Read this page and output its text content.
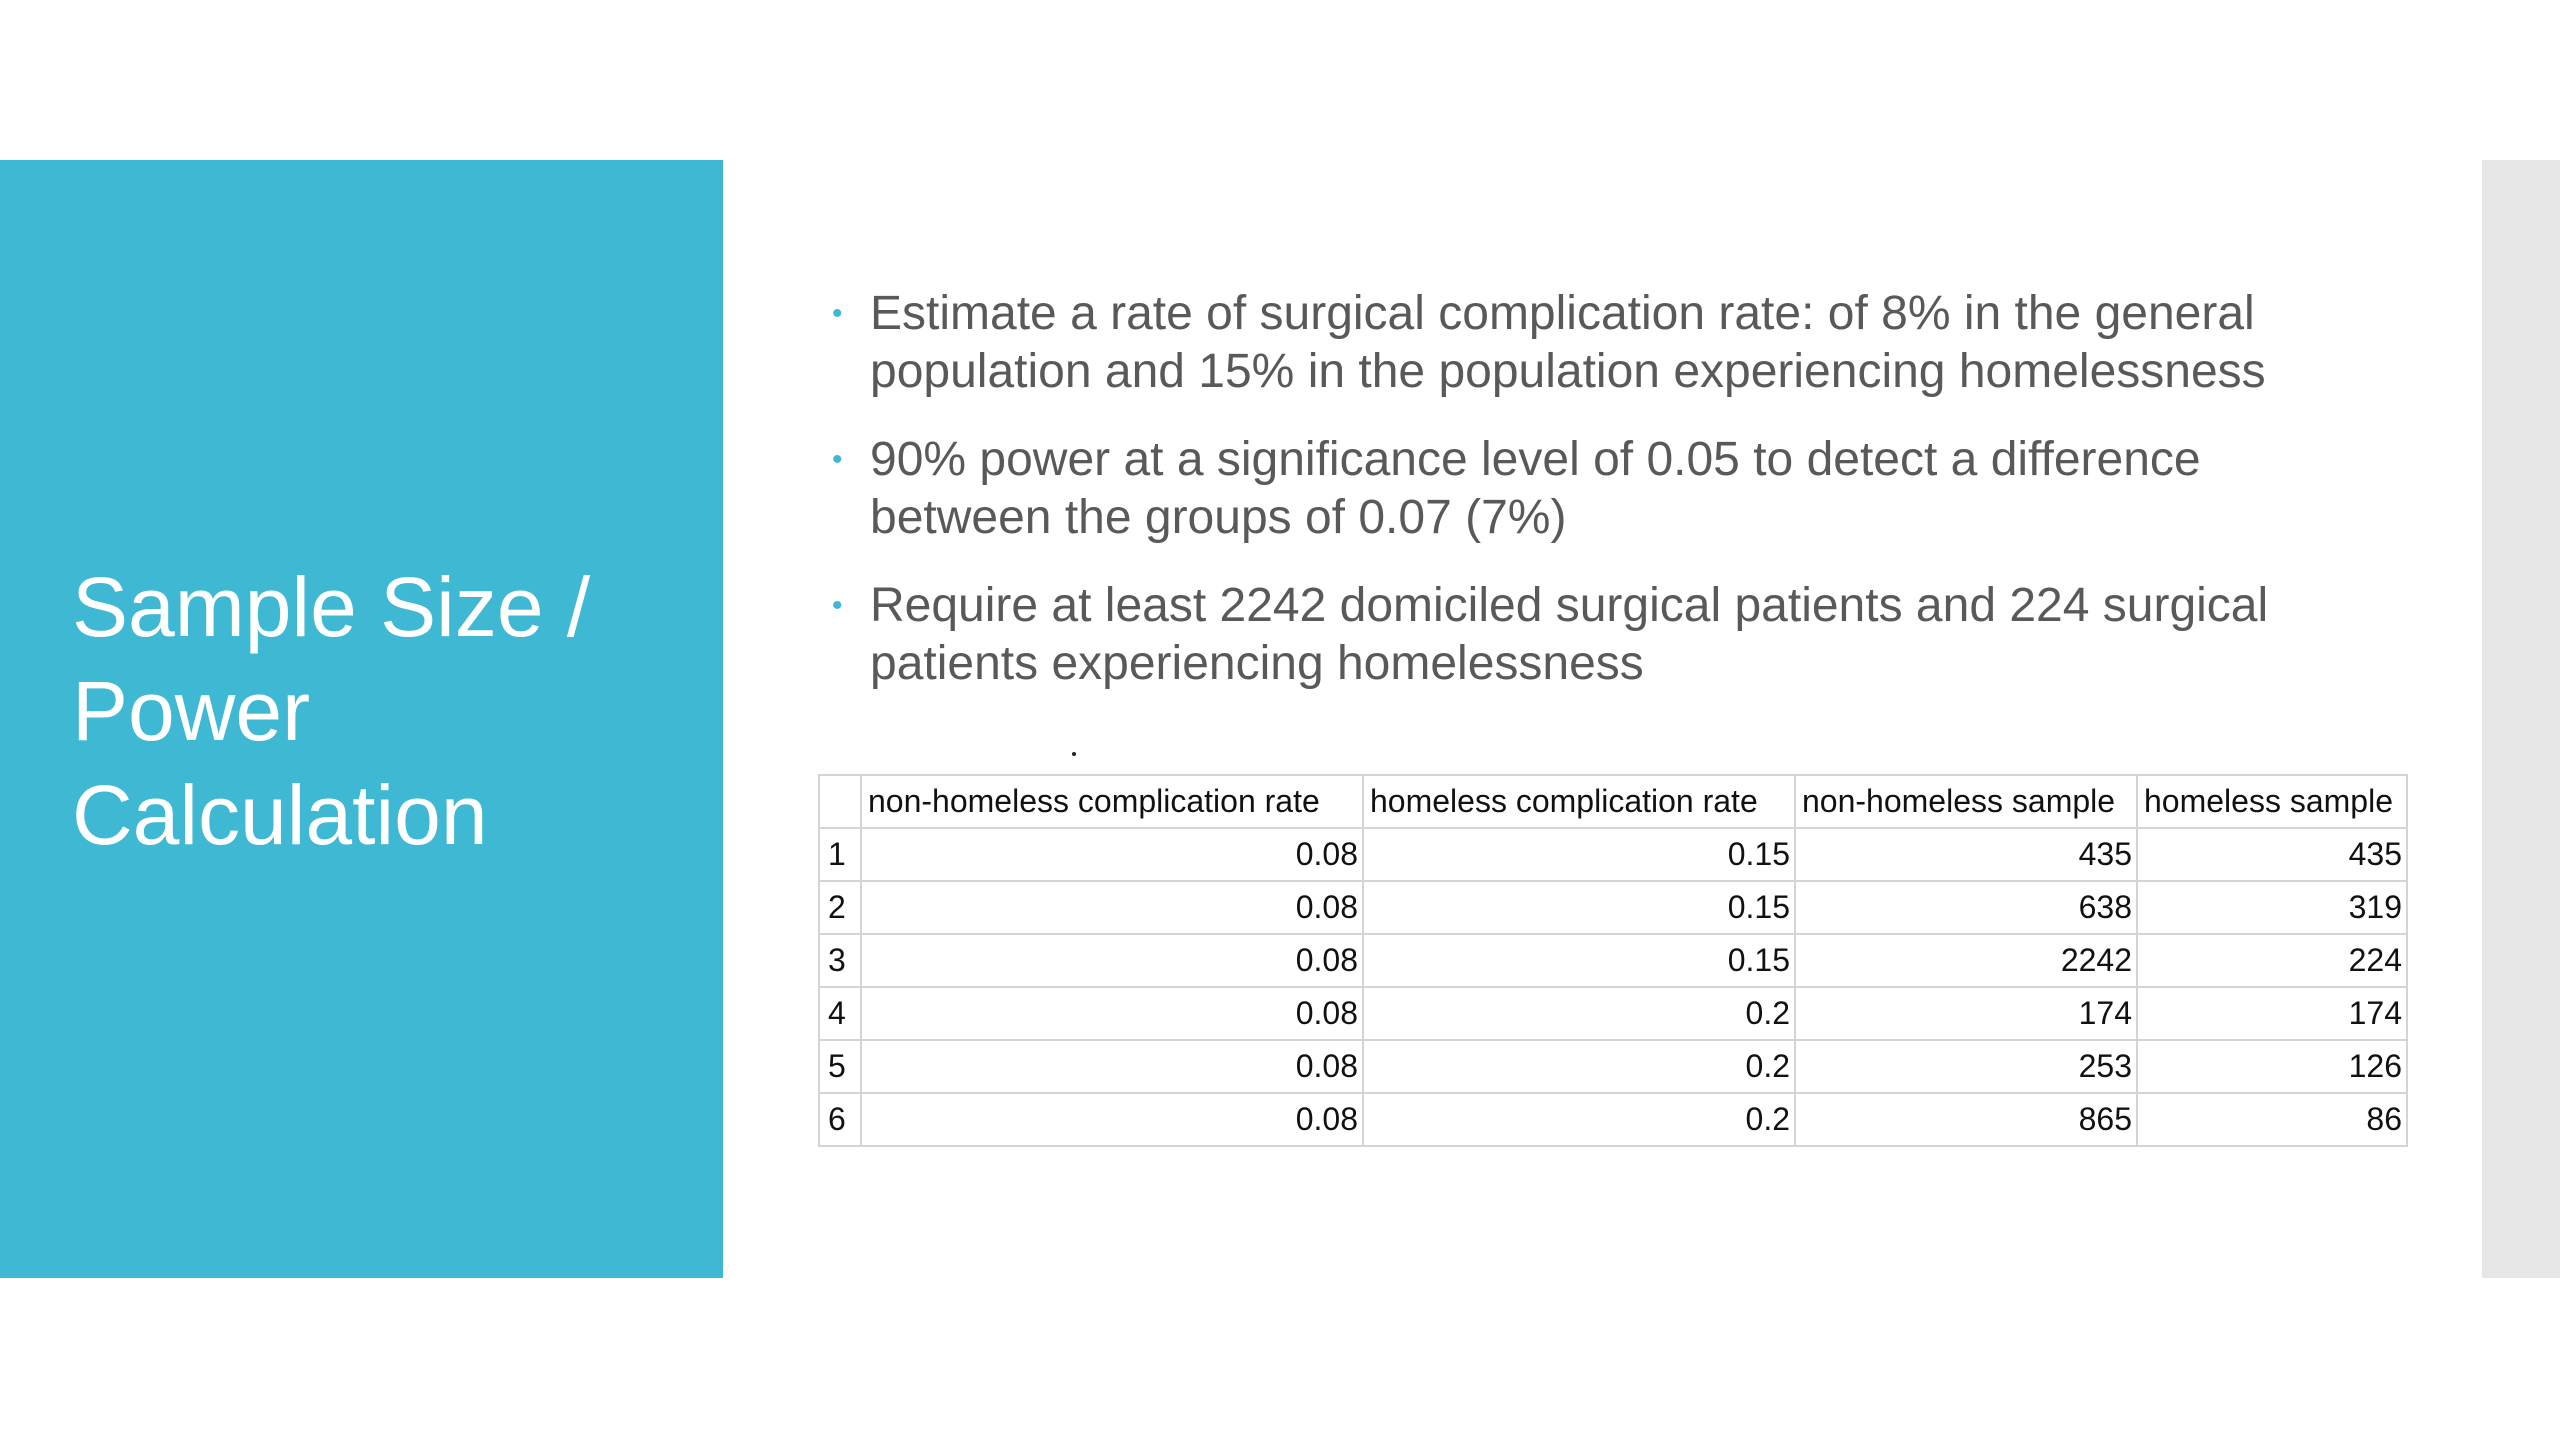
Sample Size / Power Calculation
• Estimate a rate of surgical complication rate: of 8% in the general population and 15% in the population experiencing homelessness
• 90% power at a significance level of 0.05 to detect a difference between the groups of 0.07 (7%)
• Require at least 2242 domiciled surgical patients and 224 surgical patients experiencing homelessness
	non-homeless complication rate	homeless complication rate	non-homeless sample	homeless sample
1	0.08	0.15	435	435
2	0.08	0.15	638	319
3	0.08	0.15	2242	224
4	0.08	0.2	174	174
5	0.08	0.2	253	126
6	0.08	0.2	865	86
